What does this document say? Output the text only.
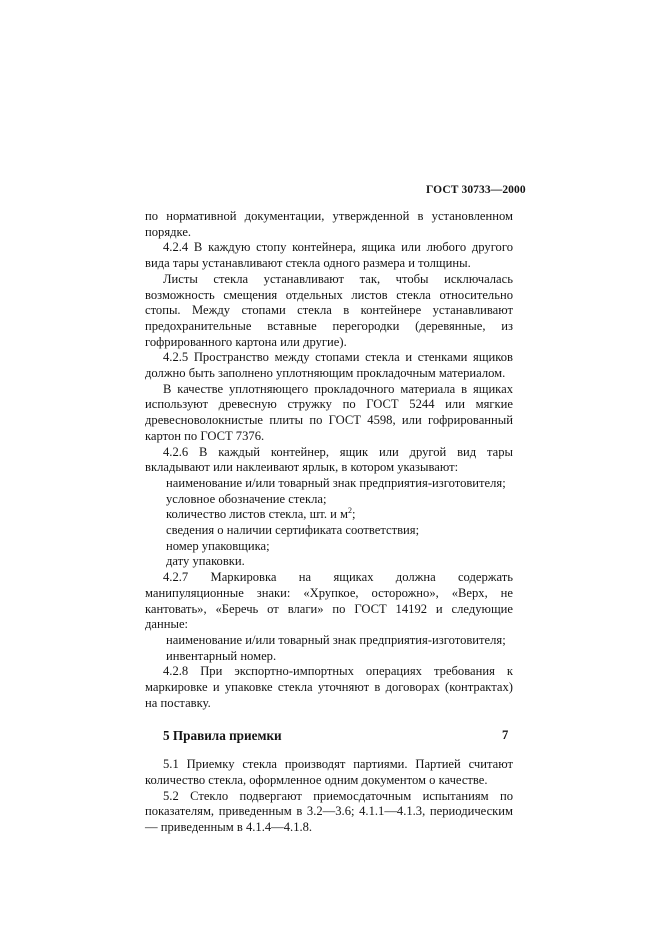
ГОСТ 30733—2000

по нормативной документации, утвержденной в установленном порядке.

4.2.4 В каждую стопу контейнера, ящика или любого другого вида тары устанавливают стекла одного размера и толщины.

Листы стекла устанавливают так, чтобы исключалась возможность смещения отдельных листов стекла относительно стопы. Между стопами стекла в контейнере устанавливают предохранительные вставные перегородки (деревянные, из гофрированного картона или другие).

4.2.5 Пространство между стопами стекла и стенками ящиков должно быть заполнено уплотняющим прокладочным материалом.

В качестве уплотняющего прокладочного материала в ящиках используют древесную стружку по ГОСТ 5244 или мягкие древесноволокнистые плиты по ГОСТ 4598, или гофрированный картон по ГОСТ 7376.

4.2.6 В каждый контейнер, ящик или другой вид тары вкладывают или наклеивают ярлык, в котором указывают:

наименование и/или товарный знак предприятия-изготовителя;

условное обозначение стекла;

количество листов стекла, шт. и $м^2$;

сведения о наличии сертификата соответствия;

номер упаковщика;

дату упаковки.

4.2.7 Маркировка на ящиках должна содержать манипуляционные знаки: «Хрупкое, осторожно», «Верх, не кантовать», «Беречь от влаги» по ГОСТ 14192 и следующие данные:

наименование и/или товарный знак предприятия-изготовителя;

инвентарный номер.

4.2.8 При экспортно-импортных операциях требования к маркировке и упаковке стекла уточняют в договорах (контрактах) на поставку.

5 Правила приемки

5.1 Приемку стекла производят партиями. Партией считают количество стекла, оформленное одним документом о качестве.

5.2 Стекло подвергают приемосдаточным испытаниям по показателям, приведенным в 3.2—3.6; 4.1.1—4.1.3, периодическим — приведенным в 4.1.4—4.1.8.

7
